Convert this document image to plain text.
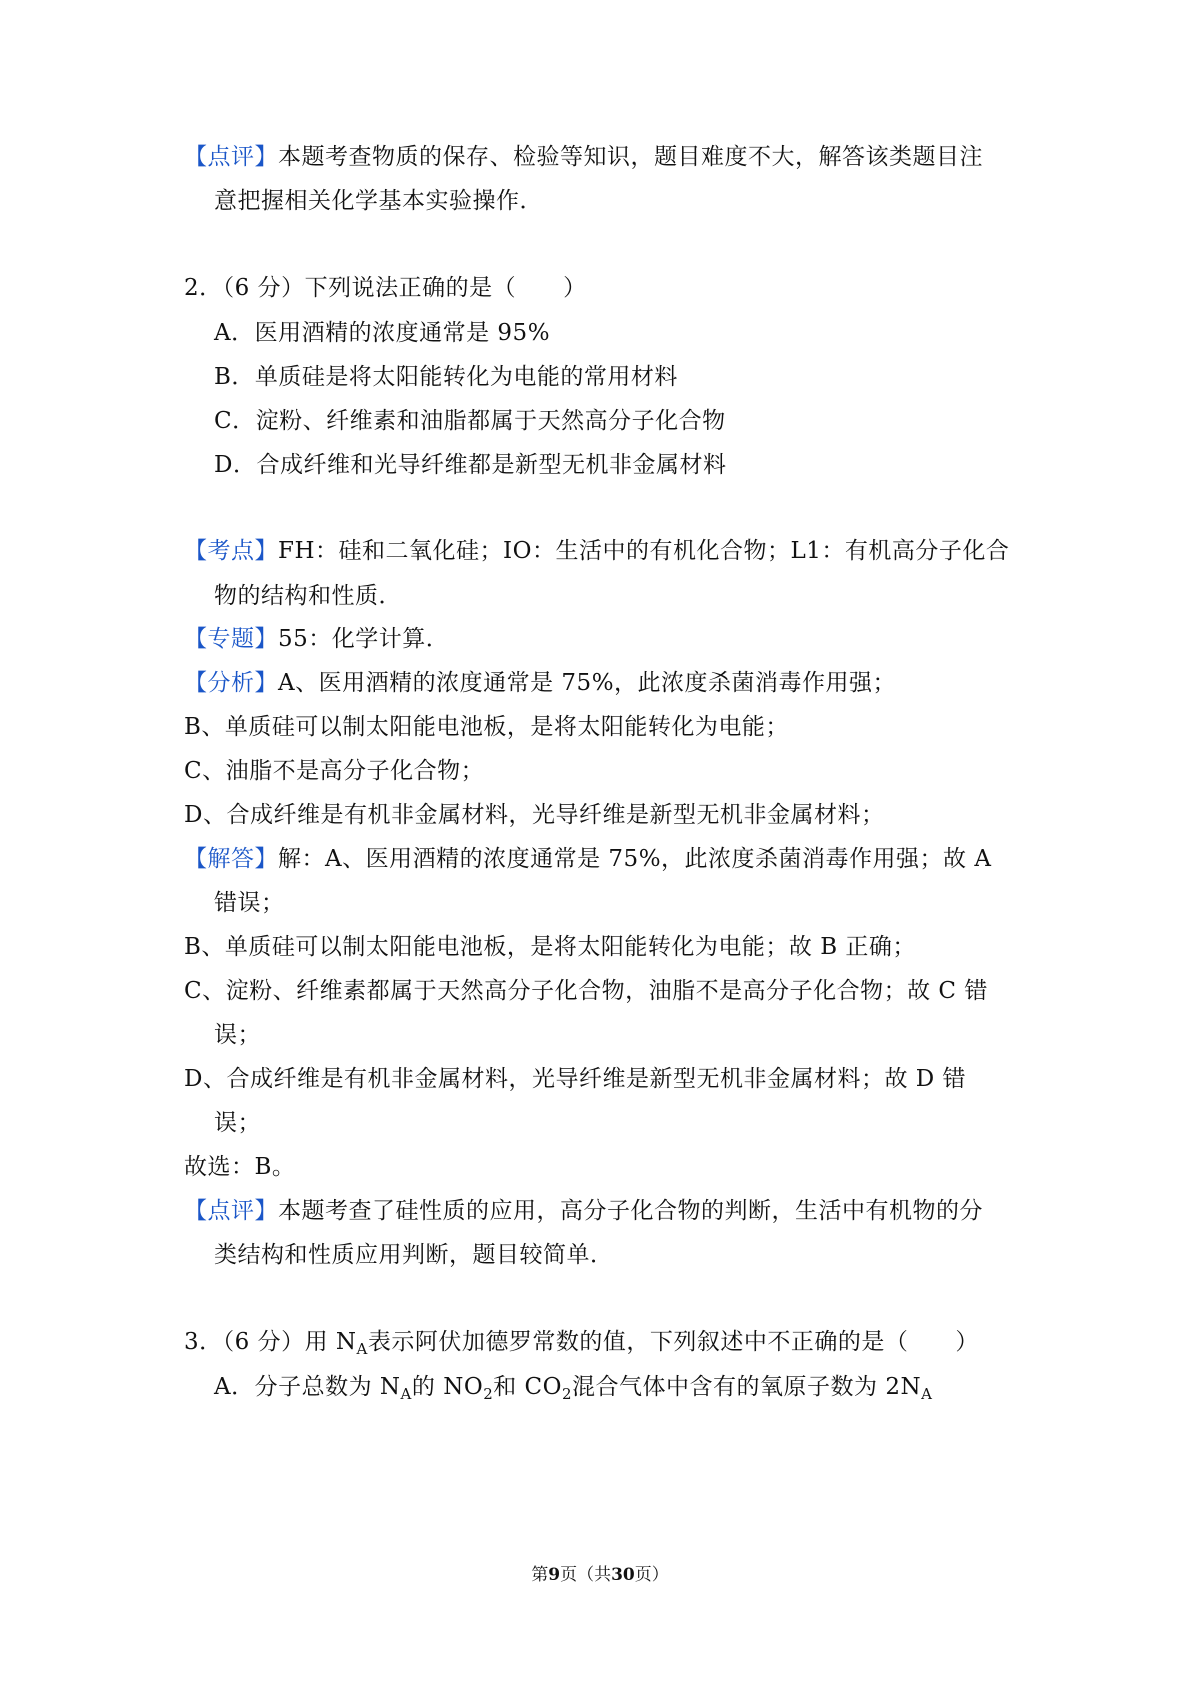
【点评】本题考查物质的保存、检验等知识，题目难度不大，解答该类题目注
意把握相关化学基本实验操作．
2．（6 分）下列说法正确的是（　　）
A．医用酒精的浓度通常是 95%
B．单质硅是将太阳能转化为电能的常用材料
C．淀粉、纤维素和油脂都属于天然高分子化合物
D．合成纤维和光导纤维都是新型无机非金属材料
【考点】FH：硅和二氧化硅；IO：生活中的有机化合物；L1：有机高分子化合
物的结构和性质．
【专题】55：化学计算．
【分析】A、医用酒精的浓度通常是 75%，此浓度杀菌消毒作用强；
B、单质硅可以制太阳能电池板，是将太阳能转化为电能；
C、油脂不是高分子化合物；
D、合成纤维是有机非金属材料，光导纤维是新型无机非金属材料；
【解答】解：A、医用酒精的浓度通常是 75%，此浓度杀菌消毒作用强；故 A
错误；
B、单质硅可以制太阳能电池板，是将太阳能转化为电能；故 B 正确；
C、淀粉、纤维素都属于天然高分子化合物，油脂不是高分子化合物；故 C 错
误；
D、合成纤维是有机非金属材料，光导纤维是新型无机非金属材料；故 D 错
误；
故选：B。
【点评】本题考查了硅性质的应用，高分子化合物的判断，生活中有机物的分
类结构和性质应用判断，题目较简单．
3．（6 分）用 $N_A$表示阿伏加德罗常数的值，下列叙述中不正确的是（　　）
A．分子总数为 $N_A$的 $NO_2$和 $CO_2$混合气体中含有的氧原子数为 $2N_A$
第9页（共30页）
